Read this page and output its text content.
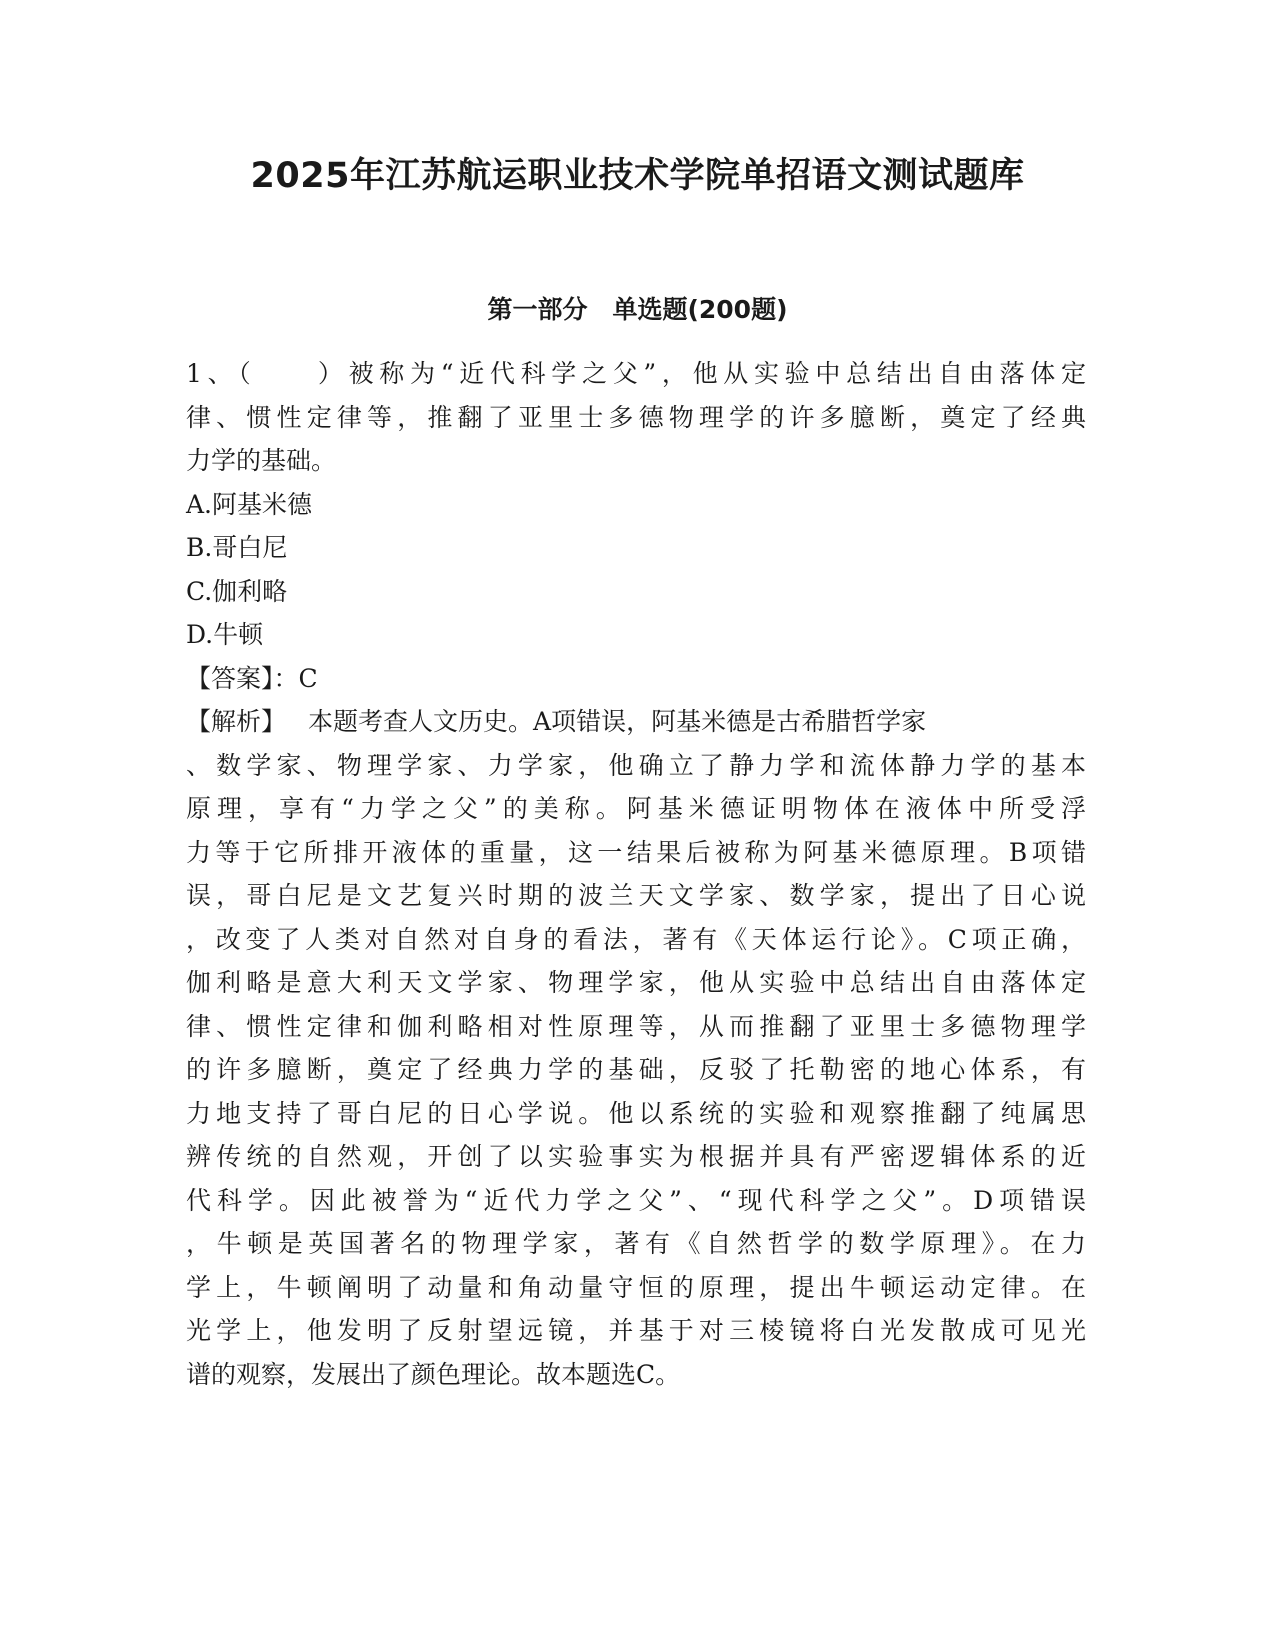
2025年江苏航运职业技术学院单招语文测试题库
第一部分　单选题(200题)
1、（　　）被称为“近代科学之父”，他从实验中总结出自由落体定
律、惯性定律等，推翻了亚里士多德物理学的许多臆断，奠定了经典
力学的基础。
A.阿基米德
B.哥白尼
C.伽利略
D.牛顿
【答案】：C
【解析】 本题考查人文历史。A项错误，阿基米德是古希腊哲学家
、数学家、物理学家、力学家，他确立了静力学和流体静力学的基本
原理，享有“力学之父”的美称。阿基米德证明物体在液体中所受浮
力等于它所排开液体的重量，这一结果后被称为阿基米德原理。B项错
误，哥白尼是文艺复兴时期的波兰天文学家、数学家，提出了日心说
，改变了人类对自然对自身的看法，著有《天体运行论》。C项正确，
伽利略是意大利天文学家、物理学家，他从实验中总结出自由落体定
律、惯性定律和伽利略相对性原理等，从而推翻了亚里士多德物理学
的许多臆断，奠定了经典力学的基础，反驳了托勒密的地心体系，有
力地支持了哥白尼的日心学说。他以系统的实验和观察推翻了纯属思
辨传统的自然观，开创了以实验事实为根据并具有严密逻辑体系的近
代科学。因此被誉为“近代力学之父”、“现代科学之父”。D项错误
，牛顿是英国著名的物理学家，著有《自然哲学的数学原理》。在力
学上，牛顿阐明了动量和角动量守恒的原理，提出牛顿运动定律。在
光学上，他发明了反射望远镜，并基于对三棱镜将白光发散成可见光
谱的观察，发展出了颜色理论。故本题选C。
